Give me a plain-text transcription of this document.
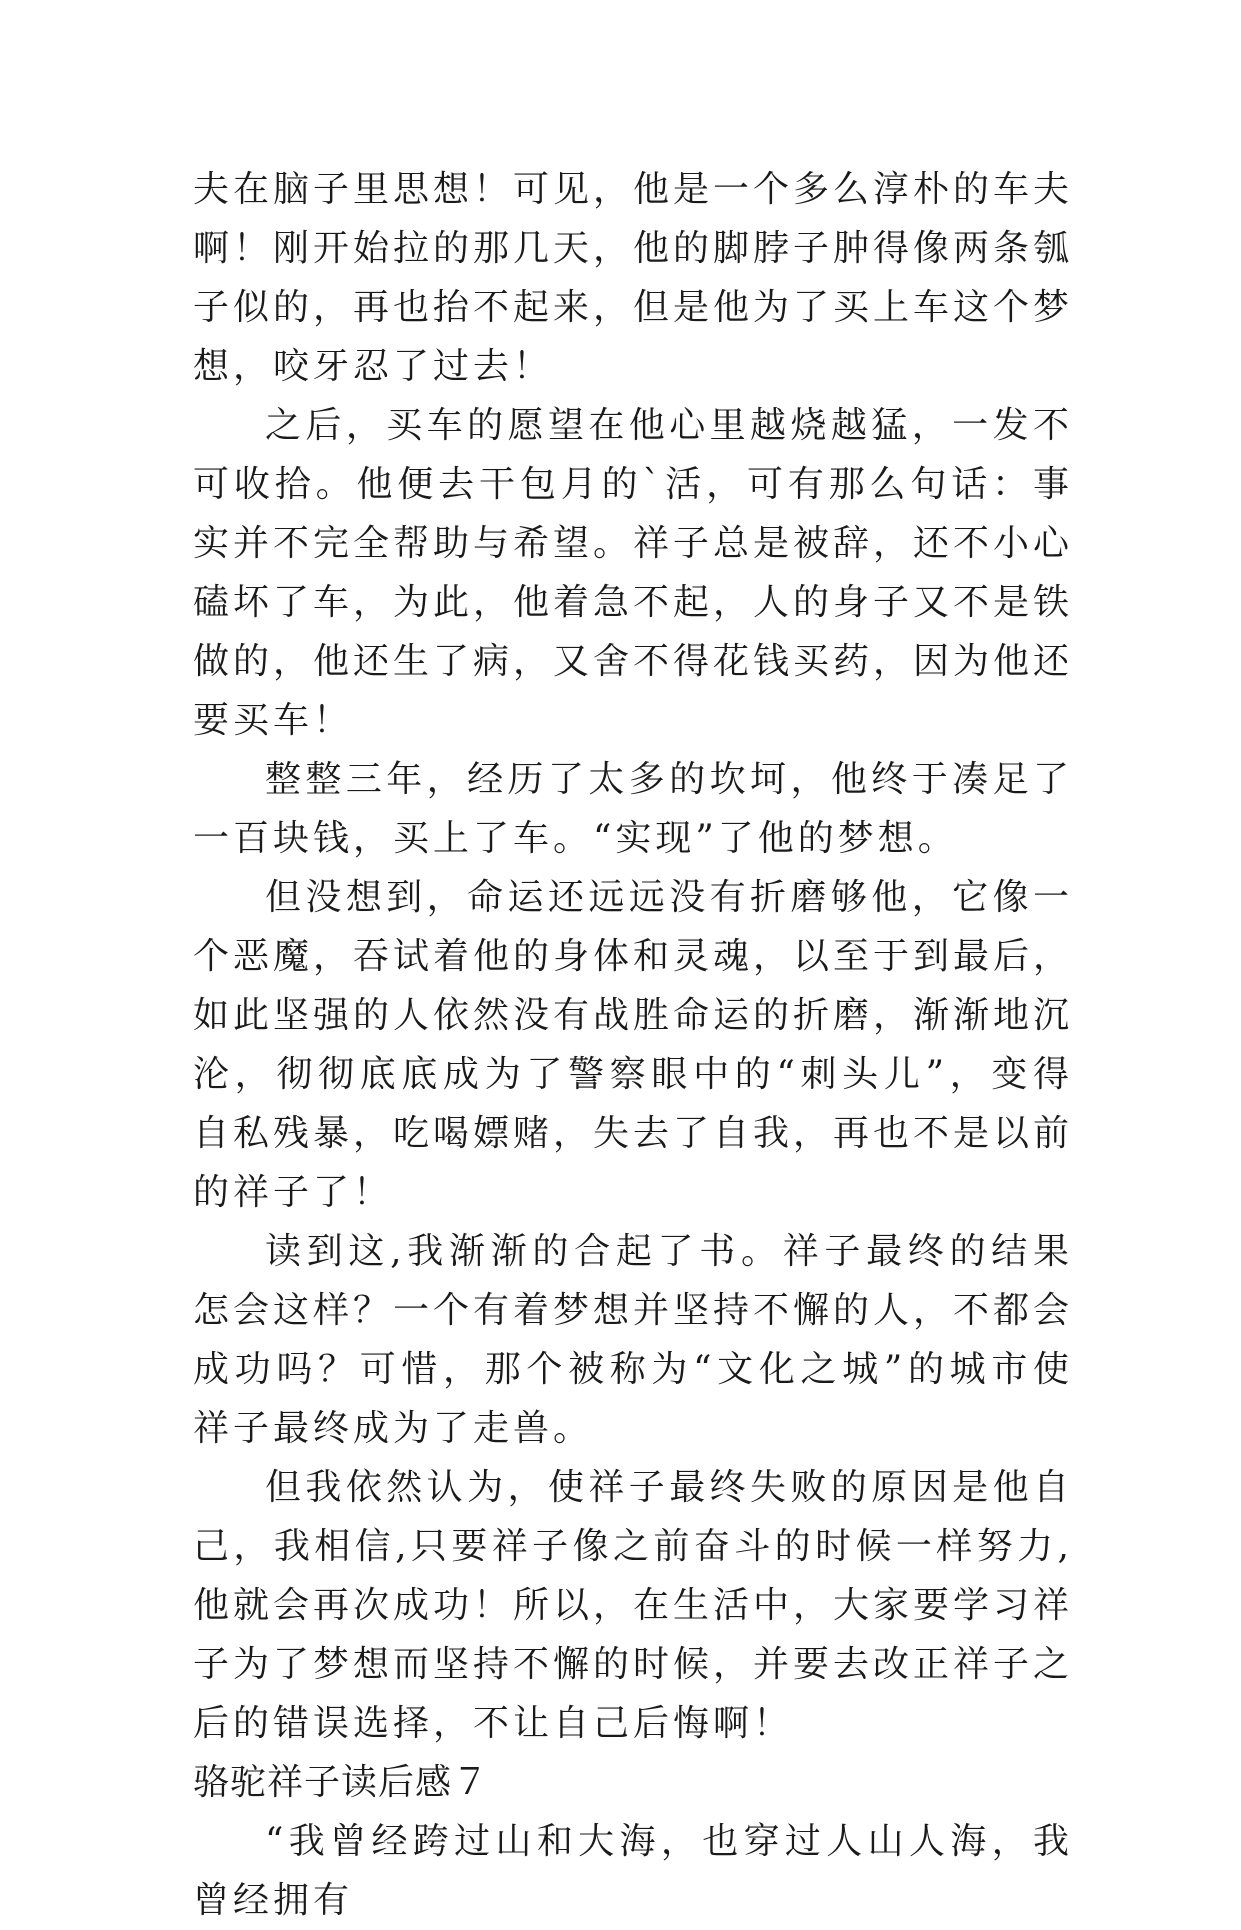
夫在脑子里思想！可见，他是一个多么淳朴的车夫啊！刚开始拉的那几天，他的脚脖子肿得像两条瓠子似的，再也抬不起来，但是他为了买上车这个梦想，咬牙忍了过去！

之后，买车的愿望在他心里越烧越猛，一发不可收拾。他便去干包月的`活，可有那么句话：事实并不完全帮助与希望。祥子总是被辞，还不小心磕坏了车，为此，他着急不起，人的身子又不是铁做的，他还生了病，又舍不得花钱买药，因为他还要买车！

整整三年，经历了太多的坎坷，他终于凑足了一百块钱，买上了车。“实现”了他的梦想。

但没想到，命运还远远没有折磨够他，它像一个恶魔，吞试着他的身体和灵魂，以至于到最后，如此坚强的人依然没有战胜命运的折磨，渐渐地沉沦，彻彻底底成为了警察眼中的“刺头儿”，变得自私残暴，吃喝嫖赌，失去了自我，再也不是以前的祥子了！

读到这,我渐渐的合起了书。祥子最终的结果怎会这样？一个有着梦想并坚持不懈的人，不都会成功吗？可惜，那个被称为“文化之城”的城市使祥子最终成为了走兽。

但我依然认为，使祥子最终失败的原因是他自己，我相信,只要祥子像之前奋斗的时候一样努力,他就会再次成功！所以，在生活中，大家要学习祥子为了梦想而坚持不懈的时候，并要去改正祥子之后的错误选择，不让自己后悔啊！

骆驼祥子读后感７

“我曾经跨过山和大海，也穿过人山人海，我曾经拥有
